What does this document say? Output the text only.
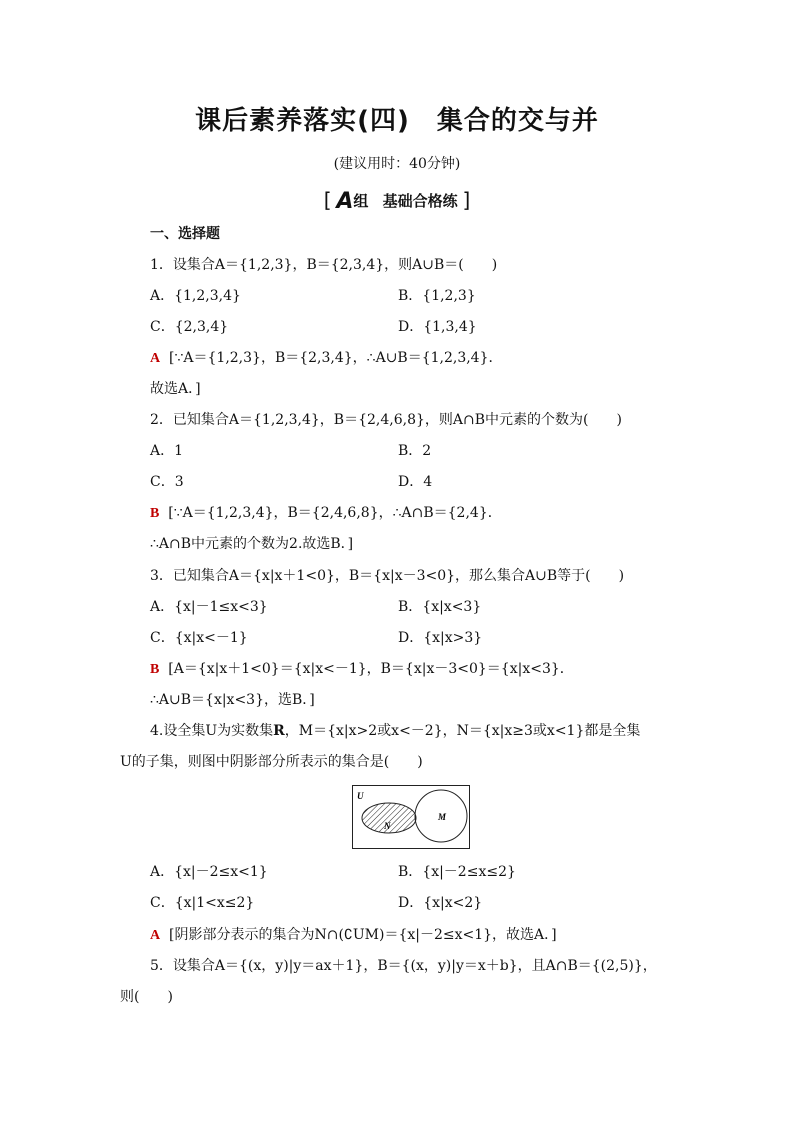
课后素养落实(四)　集合的交与并
(建议用时：40分钟)
[ A组 基础合格练 ]
一、选择题
1．设集合A＝{1,2,3}，B＝{2,3,4}，则A∪B＝(　　)
A．{1,2,3,4}	B．{1,2,3}
C．{2,3,4}	D．{1,3,4}
A [∵A＝{1,2,3}，B＝{2,3,4}，∴A∪B＝{1,2,3,4}．
故选A．]
2．已知集合A＝{1,2,3,4}，B＝{2,4,6,8}，则A∩B中元素的个数为(　　)
A．1	B．2
C．3	D．4
B [∵A＝{1,2,3,4}，B＝{2,4,6,8}，∴A∩B＝{2,4}．
∴A∩B中元素的个数为2.故选B．]
3．已知集合A＝{x|x＋1<0}，B＝{x|x－3<0}，那么集合A∪B等于(　　)
A．{x|－1≤x<3}	B．{x|x<3}
C．{x|x<－1}	D．{x|x>3}
B [A＝{x|x＋1<0}＝{x|x<－1}，B＝{x|x－3<0}＝{x|x<3}．
∴A∪B＝{x|x<3}，选B．]
4.设全集U为实数集R，M＝{x|x>2或x<－2}，N＝{x|x≥3或x<1}都是全集
U的子集，则图中阴影部分所表示的集合是(　　)
U
N
M
A．{x|－2≤x<1}	B．{x|－2≤x≤2}
C．{x|1<x≤2}	D．{x|x<2}
A [阴影部分表示的集合为N∩(∁UM)＝{x|－2≤x<1}，故选A．]
5．设集合A＝{(x，y)|y＝ax＋1}，B＝{(x，y)|y＝x＋b}，且A∩B＝{(2,5)}，
则(　　)
